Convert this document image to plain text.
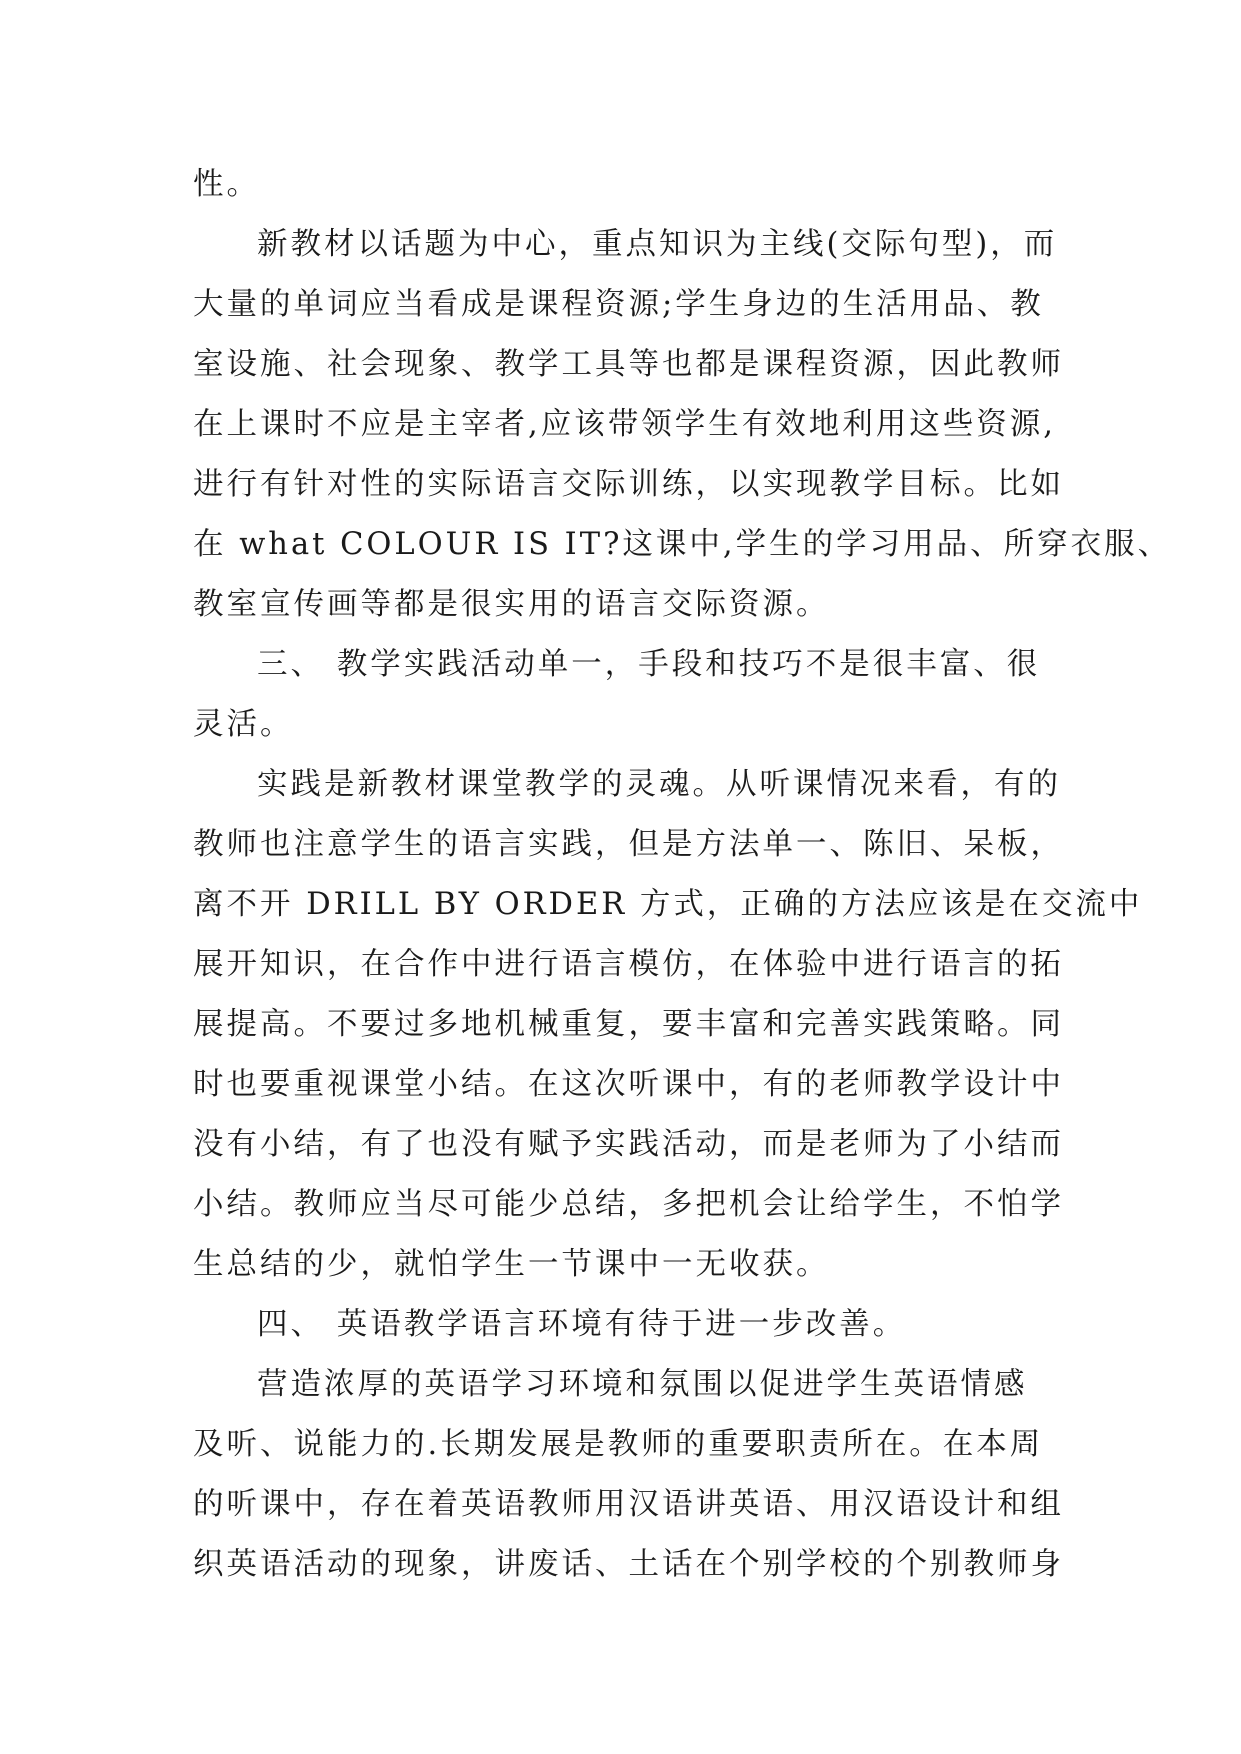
性。
新教材以话题为中心，重点知识为主线(交际句型)，而
大量的单词应当看成是课程资源;学生身边的生活用品、教
室设施、社会现象、教学工具等也都是课程资源，因此教师
在上课时不应是主宰者,应该带领学生有效地利用这些资源,
进行有针对性的实际语言交际训练，以实现教学目标。比如
在 what COLOUR IS IT?这课中,学生的学习用品、所穿衣服、
教室宣传画等都是很实用的语言交际资源。
三、 教学实践活动单一，手段和技巧不是很丰富、很
灵活。
实践是新教材课堂教学的灵魂。从听课情况来看，有的
教师也注意学生的语言实践，但是方法单一、陈旧、呆板，
离不开 DRILL BY ORDER 方式，正确的方法应该是在交流中
展开知识，在合作中进行语言模仿，在体验中进行语言的拓
展提高。不要过多地机械重复，要丰富和完善实践策略。同
时也要重视课堂小结。在这次听课中，有的老师教学设计中
没有小结，有了也没有赋予实践活动，而是老师为了小结而
小结。教师应当尽可能少总结，多把机会让给学生，不怕学
生总结的少，就怕学生一节课中一无收获。
四、 英语教学语言环境有待于进一步改善。
营造浓厚的英语学习环境和氛围以促进学生英语情感
及听、说能力的.长期发展是教师的重要职责所在。在本周
的听课中，存在着英语教师用汉语讲英语、用汉语设计和组
织英语活动的现象，讲废话、土话在个别学校的个别教师身
